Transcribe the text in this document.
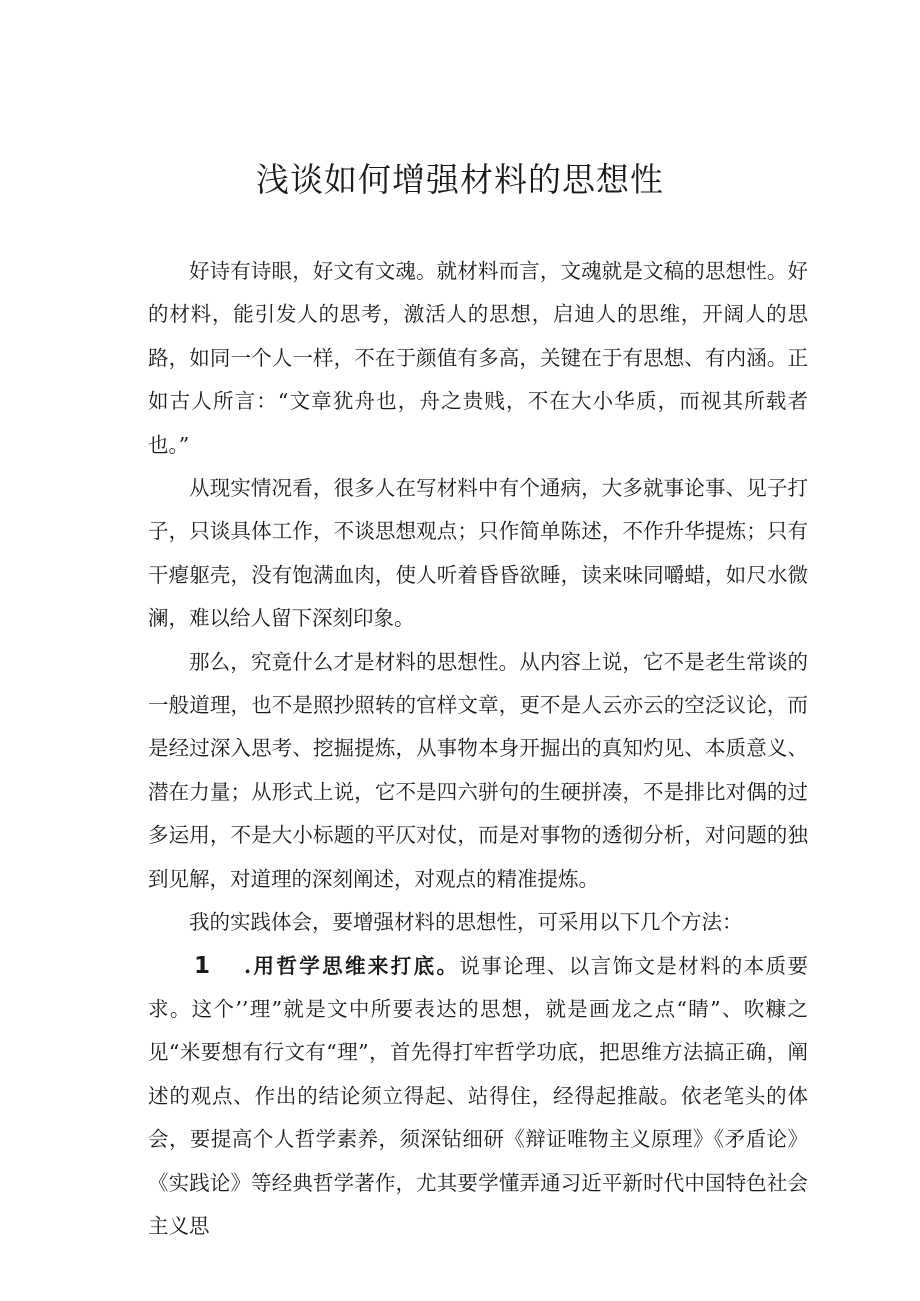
浅谈如何增强材料的思想性

好诗有诗眼，好文有文魂。就材料而言，文魂就是文稿的思想性。好的材料，能引发人的思考，激活人的思想，启迪人的思维，开阔人的思路，如同一个人一样，不在于颜值有多高，关键在于有思想、有内涵。正如古人所言：“文章犹舟也，舟之贵贱，不在大小华质，而视其所载者也。”

从现实情况看，很多人在写材料中有个通病，大多就事论事、见子打子，只谈具体工作，不谈思想观点；只作简单陈述，不作升华提炼；只有干瘪躯壳，没有饱满血肉，使人听着昏昏欲睡，读来味同嚼蜡，如尺水微澜，难以给人留下深刻印象。

那么，究竟什么才是材料的思想性。从内容上说，它不是老生常谈的一般道理，也不是照抄照转的官样文章，更不是人云亦云的空泛议论，而是经过深入思考、挖掘提炼，从事物本身开掘出的真知灼见、本质意义、潜在力量；从形式上说，它不是四六骈句的生硬拼凑，不是排比对偶的过多运用，不是大小标题的平仄对仗，而是对事物的透彻分析，对问题的独到见解，对道理的深刻阐述，对观点的精准提炼。

我的实践体会，要增强材料的思想性，可采用以下几个方法：

1 .用哲学思维来打底。说事论理、以言饰文是材料的本质要求。这个’’理”就是文中所要表达的思想，就是画龙之点“睛”、吹糠之见“米要想有行文有“理”，首先得打牢哲学功底，把思维方法搞正确，阐述的观点、作出的结论须立得起、站得住，经得起推敲。依老笔头的体会，要提高个人哲学素养，须深钻细研《辩证唯物主义原理》《矛盾论》《实践论》等经典哲学著作，尤其要学懂弄通习近平新时代中国特色社会主义思
